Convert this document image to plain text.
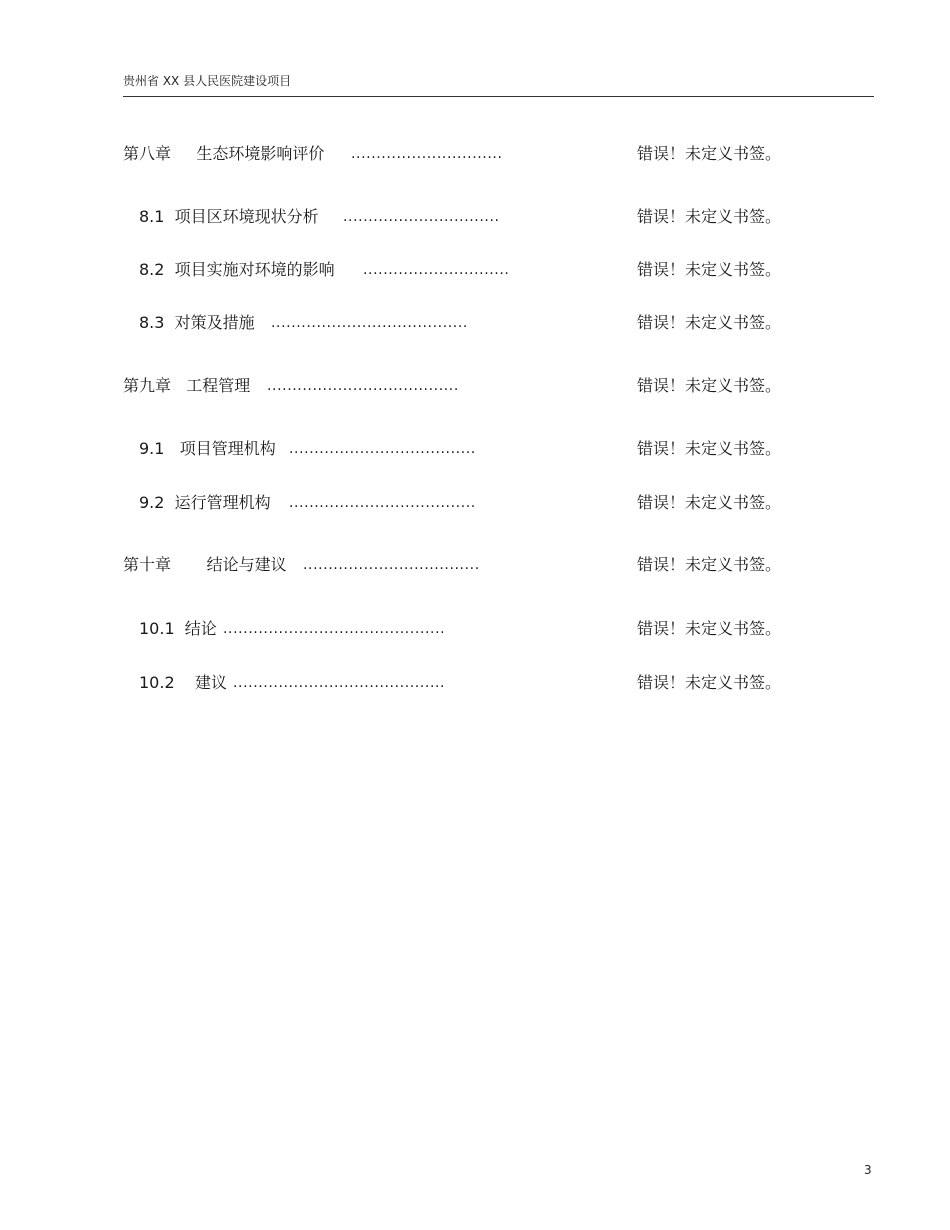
贵州省 XX 县人民医院建设项目
第八章     生态环境影响评价 ..............................	错误！未定义书签。
8.1  项目区环境现状分析 ...............................	错误！未定义书签。
8.2  项目实施对环境的影响 .............................	错误！未定义书签。
8.3  对策及措施 .......................................	错误！未定义书签。
第九章   工程管理 ......................................	错误！未定义书签。
9.1   项目管理机构 .....................................	错误！未定义书签。
9.2  运行管理机构 .....................................	错误！未定义书签。
第十章       结论与建议 ...................................	错误！未定义书签。
10.1  结论 ............................................	错误！未定义书签。
10.2    建议 ..........................................	错误！未定义书签。
3
